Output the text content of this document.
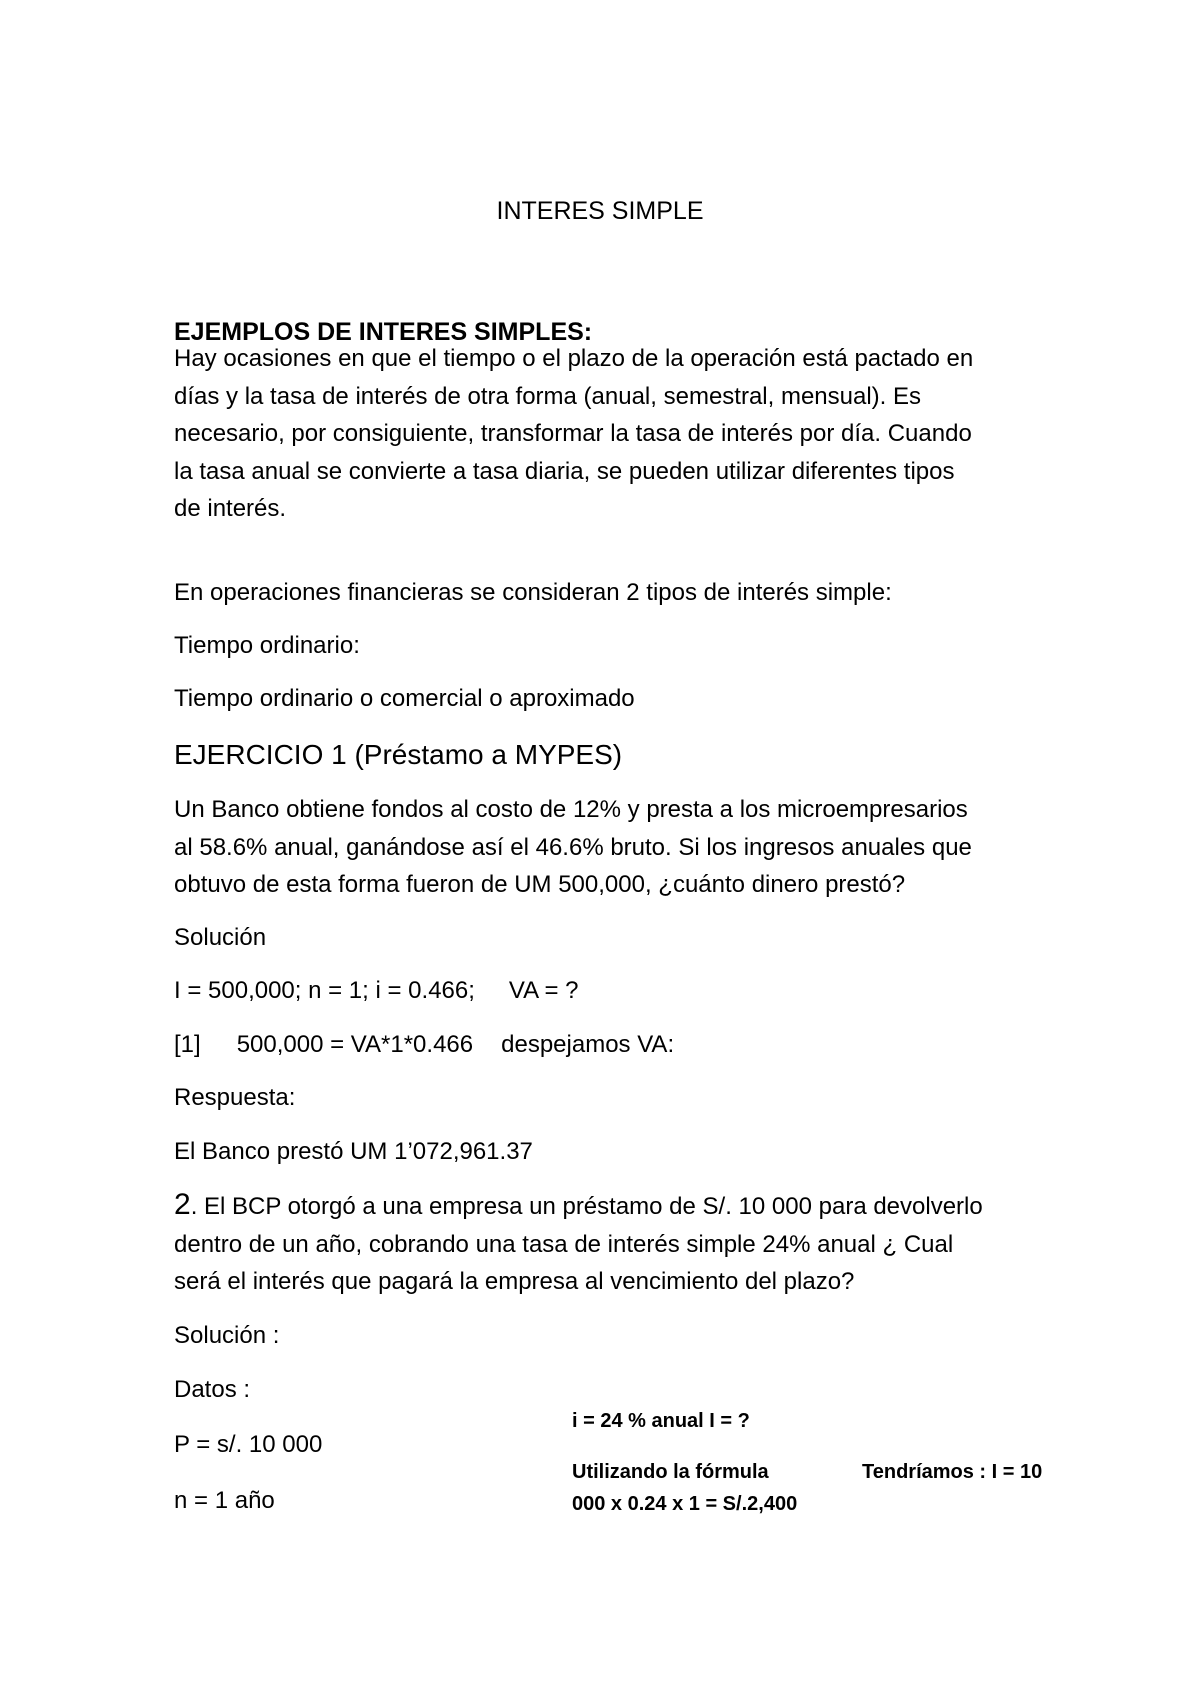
INTERES SIMPLE
EJEMPLOS DE INTERES SIMPLES:
Hay ocasiones en que el tiempo o el plazo de la operación está pactado en
días y la tasa de interés de otra forma (anual, semestral, mensual). Es
necesario, por consiguiente, transformar la tasa de interés por día. Cuando
la tasa anual se convierte a tasa diaria, se pueden utilizar diferentes tipos
de interés.
En operaciones financieras se consideran 2 tipos de interés simple:
Tiempo ordinario:
Tiempo ordinario o comercial o aproximado
EJERCICIO 1 (Préstamo a MYPES)
Un Banco obtiene fondos al costo de 12% y presta a los microempresarios
al 58.6% anual, ganándose así el 46.6% bruto. Si los ingresos anuales que
obtuvo de esta forma fueron de UM 500,000, ¿cuánto dinero prestó?
Solución
I = 500,000; n = 1; i = 0.466; VA = ?
[1] 500,000 = VA*1*0.466 despejamos VA:
Respuesta:
El Banco prestó UM 1’072,961.37
2. El BCP otorgó a una empresa un préstamo de S/. 10 000 para devolverlo
dentro de un año, cobrando una tasa de interés simple 24% anual ¿ Cual
será el interés que pagará la empresa al vencimiento del plazo?
Solución :
Datos :
P = s/. 10 000
n = 1 año
i = 24 % anual I = ?
Utilizando la fórmula	Tendríamos : I = 10
000 x 0.24 x 1 = S/.2,400
